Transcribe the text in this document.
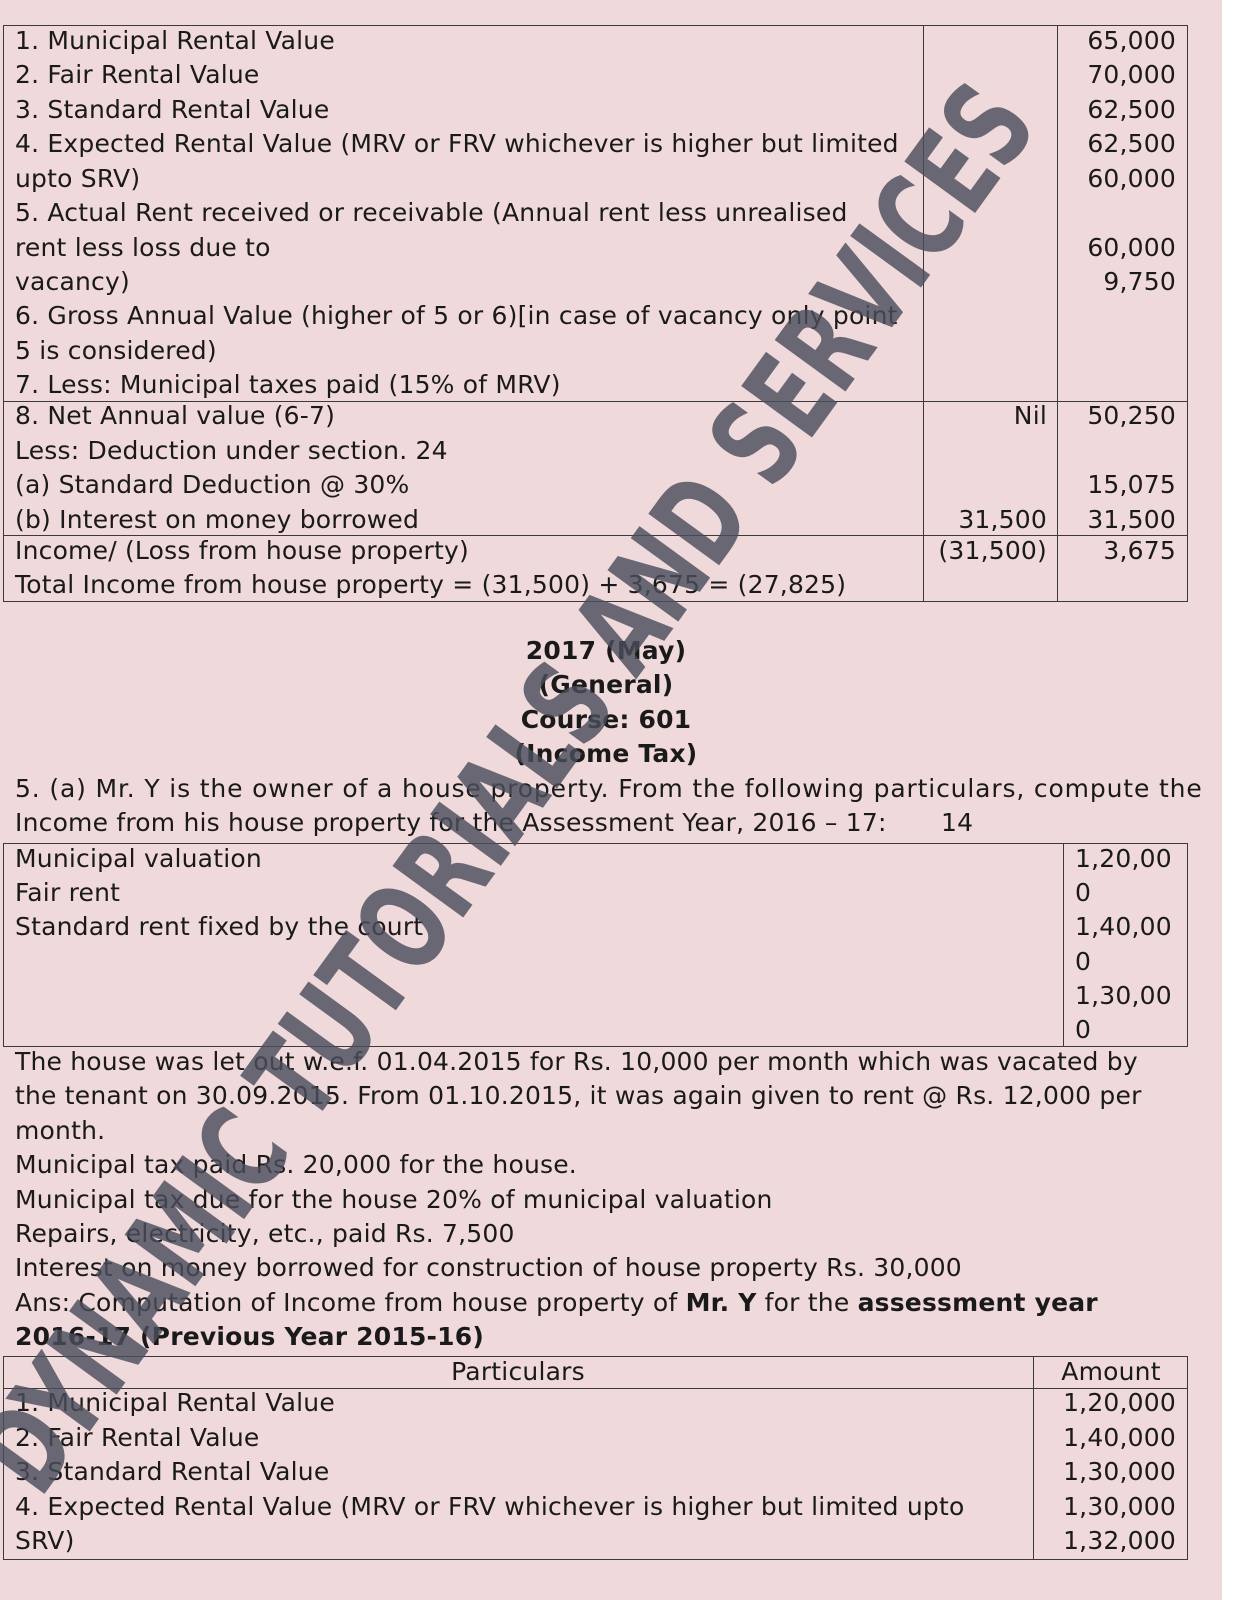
1. Municipal Rental Value
2. Fair Rental Value
3. Standard Rental Value
4. Expected Rental Value (MRV or FRV whichever is higher but limited
upto SRV)
5. Actual Rent received or receivable (Annual rent less unrealised
rent less loss due to
vacancy)
6. Gross Annual Value (higher of 5 or 6)[in case of vacancy only point
5 is considered)
7. Less: Municipal taxes paid (15% of MRV)
8. Net Annual value (6-7)
Less: Deduction under section. 24
(a) Standard Deduction @ 30%
(b) Interest on money borrowed
Income/ (Loss from house property)
Total Income from house property = (31,500) + 3,675 = (27,825)
65,000
70,000
62,500
62,500
60,000
60,000
9,750
50,250
15,075
31,500
3,675
Nil
31,500
(31,500)
2017 (May)
(General)
Course: 601
(Income Tax)
5. (a) Mr. Y is the owner of a house property. From the following particulars, compute the
Income from his house property for the Assessment Year, 2016 – 17: 14
Municipal valuation
Fair rent
Standard rent fixed by the court
1,20,00
0
1,40,00
0
1,30,00
0
The house was let out w.e.f. 01.04.2015 for Rs. 10,000 per month which was vacated by
the tenant on 30.09.2015. From 01.10.2015, it was again given to rent @ Rs. 12,000 per
month.
Municipal tax paid Rs. 20,000 for the house.
Municipal tax due for the house 20% of municipal valuation
Repairs, electricity, etc., paid Rs. 7,500
Interest on money borrowed for construction of house property Rs. 30,000
Ans: Computation of Income from house property of Mr. Y for the assessment year
2016-17 (Previous Year 2015-16)
Particulars	Amount
1. Municipal Rental Value
2. Fair Rental Value
3. Standard Rental Value
4. Expected Rental Value (MRV or FRV whichever is higher but limited upto
SRV)
1,20,000
1,40,000
1,30,000
1,30,000
1,32,000
